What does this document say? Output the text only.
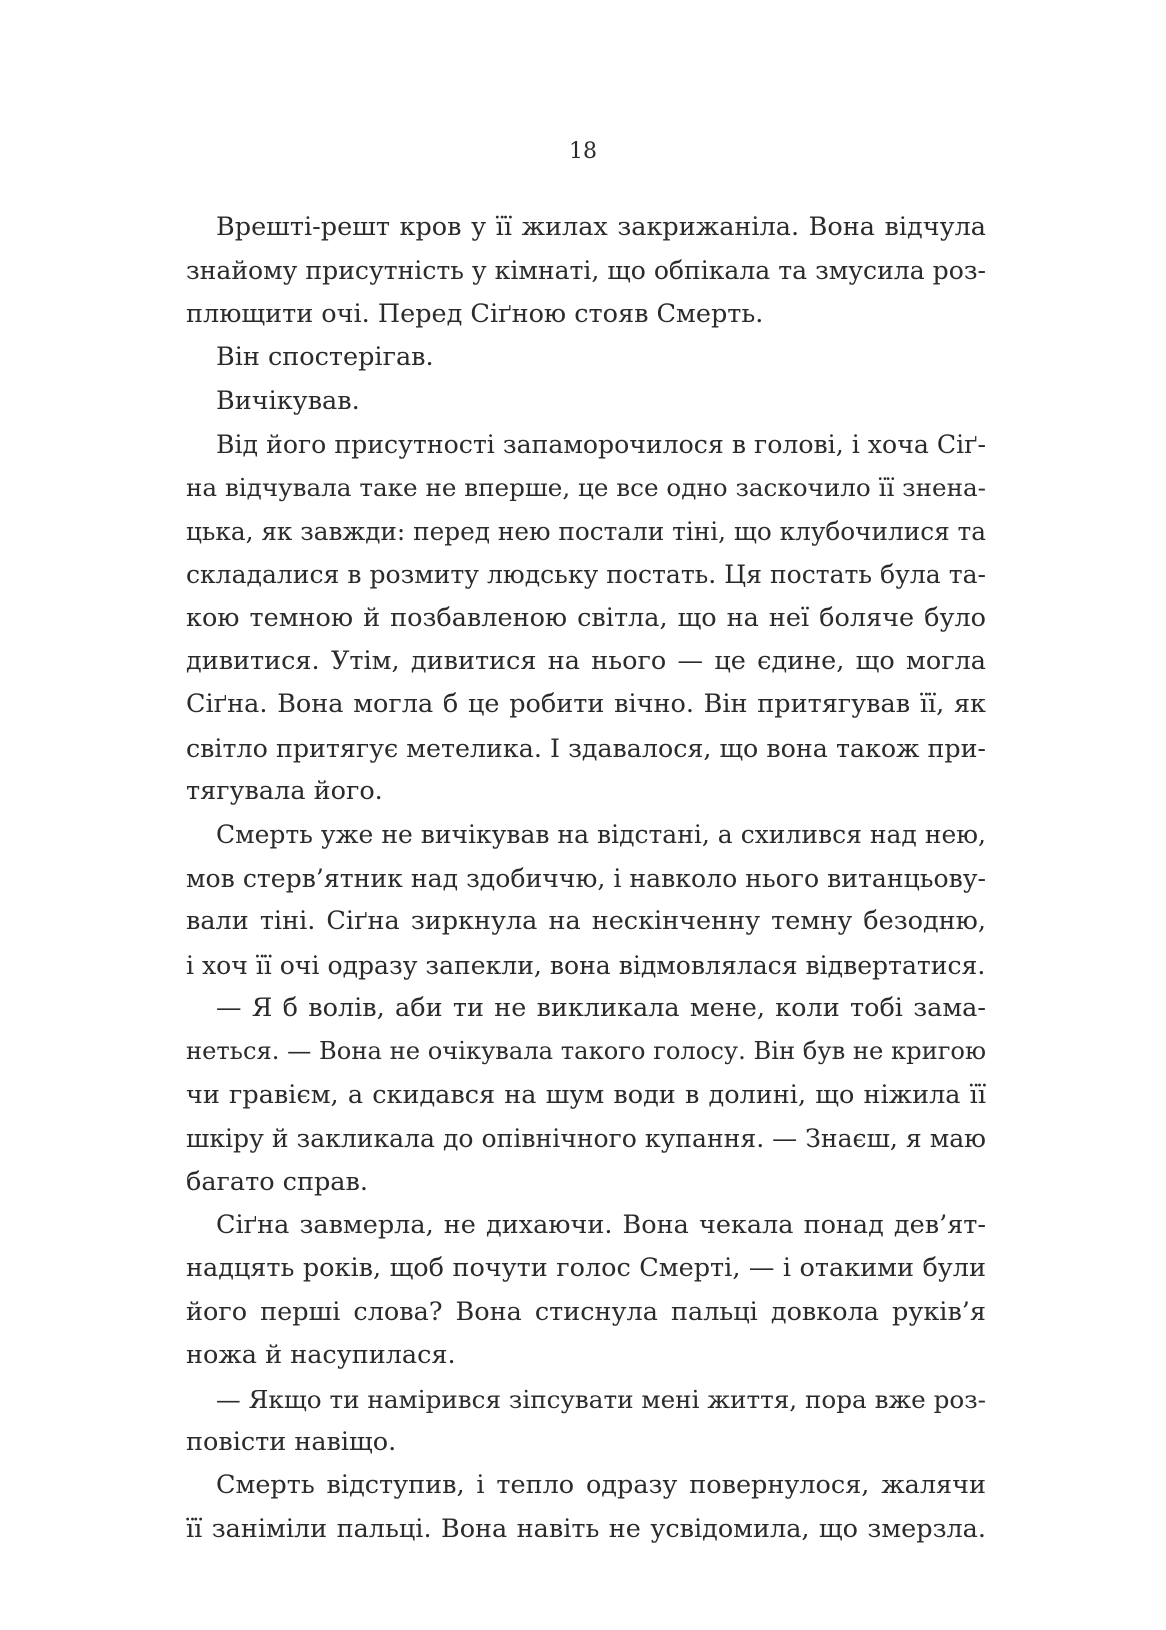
18
Врешті-решт кров у її жилах закрижаніла. Вона відчула
знайому присутність у кімнаті, що обпікала та змусила роз-
плющити очі. Перед Сіґною стояв Смерть.
Він спостерігав.
Вичікував.
Від його присутності запаморочилося в голові, і хоча Сіґ-
на відчувала таке не вперше, це все одно заскочило її знена-
цька, як завжди: перед нею постали тіні, що клубочилися та
складалися в розмиту людську постать. Ця постать була та-
кою темною й позбавленою світла, що на неї боляче було
дивитися. Утім, дивитися на нього — це єдине, що могла
Сіґна. Вона могла б це робити вічно. Він притягував її, як
світло притягує метелика. І здавалося, що вона також при-
тягувала його.
Смерть уже не вичікував на відстані, а схилився над нею,
мов стерв’ятник над здобиччю, і навколо нього витанцьову-
вали тіні. Сіґна зиркнула на нескінченну темну безодню,
і хоч її очі одразу запекли, вона відмовлялася відвертатися.
— Я б волів, аби ти не викликала мене, коли тобі зама-
неться. — Вона не очікувала такого голосу. Він був не кригою
чи гравієм, а скидався на шум води в долині, що ніжила її
шкіру й закликала до опівнічного купання. — Знаєш, я маю
багато справ.
Сіґна завмерла, не дихаючи. Вона чекала понад дев’ят-
надцять років, щоб почути голос Смерті, — і отакими були
його перші слова? Вона стиснула пальці довкола руків’я
ножа й насупилася.
— Якщо ти намірився зіпсувати мені життя, пора вже роз-
повісти навіщо.
Смерть відступив, і тепло одразу повернулося, жалячи
її заніміли пальці. Вона навіть не усвідомила, що змерзла.
